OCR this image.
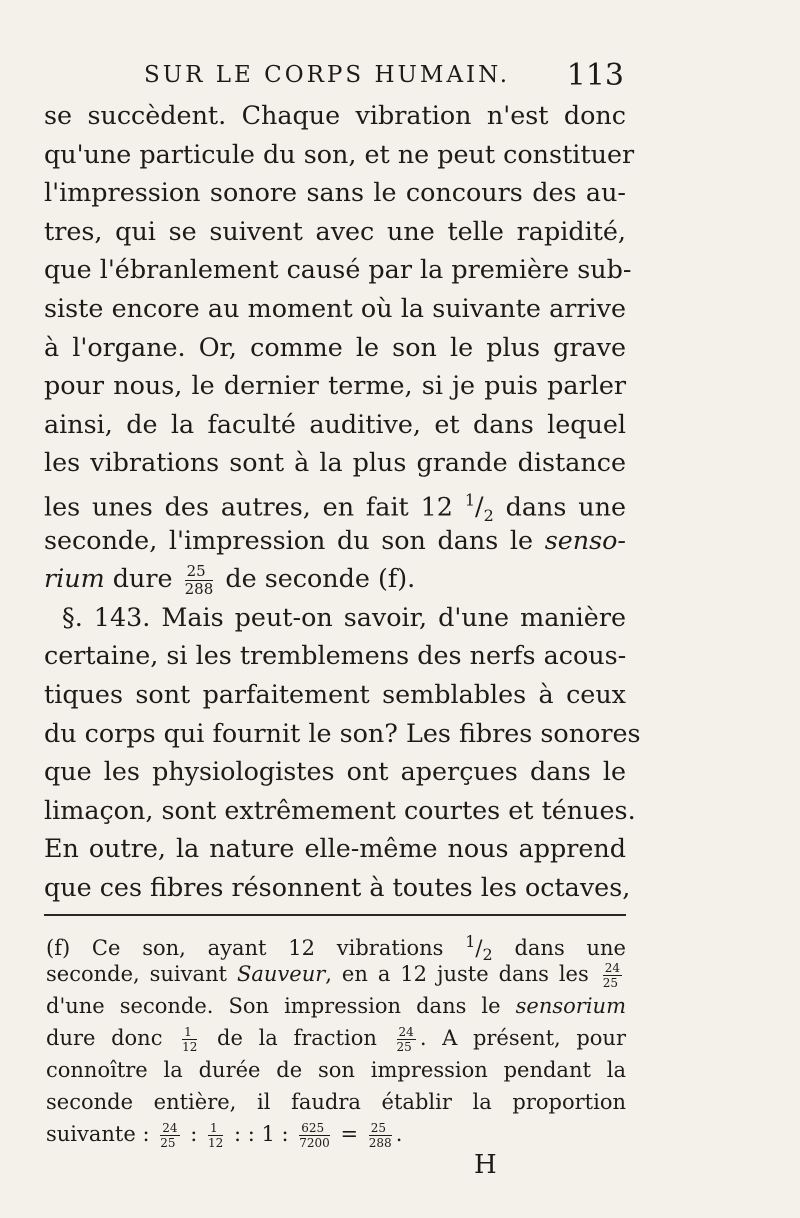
SUR LE CORPS HUMAIN. 113
se succèdent. Chaque vibration n'est donc
qu'une particule du son, et ne peut constituer
l'impression sonore sans le concours des au-
tres, qui se suivent avec une telle rapidité,
que l'ébranlement causé par la première sub-
siste encore au moment où la suivante arrive
à l'organe. Or, comme le son le plus grave
pour nous, le dernier terme, si je puis parler
ainsi, de la faculté auditive, et dans lequel
les vibrations sont à la plus grande distance
les unes des autres, en fait 12 $^1/_2$ dans une
seconde, l'impression du son dans le senso-
rium dure $\frac{25}{288}$ de seconde (f).
§. 143. Mais peut-on savoir, d'une manière
certaine, si les tremblemens des nerfs acous-
tiques sont parfaitement semblables à ceux
du corps qui fournit le son? Les fibres sonores
que les physiologistes ont aperçues dans le
limaçon, sont extrêmement courtes et ténues.
En outre, la nature elle-même nous apprend
que ces fibres résonnent à toutes les octaves,
(f) Ce son, ayant 12 vibrations $^1/_2$ dans une
seconde, suivant Sauveur, en a 12 juste dans les $\frac{24}{25}$
d'une seconde. Son impression dans le sensorium
dure donc $\frac{1}{12}$ de la fraction $\frac{24}{25}$ . A présent, pour
connoître la durée de son impression pendant la
seconde entière, il faudra établir la proportion
suivante : $\frac{24}{25}$ : $\frac{1}{12}$ : : 1 : $\frac{625}{7200} = \frac{25}{288}$ .
H
